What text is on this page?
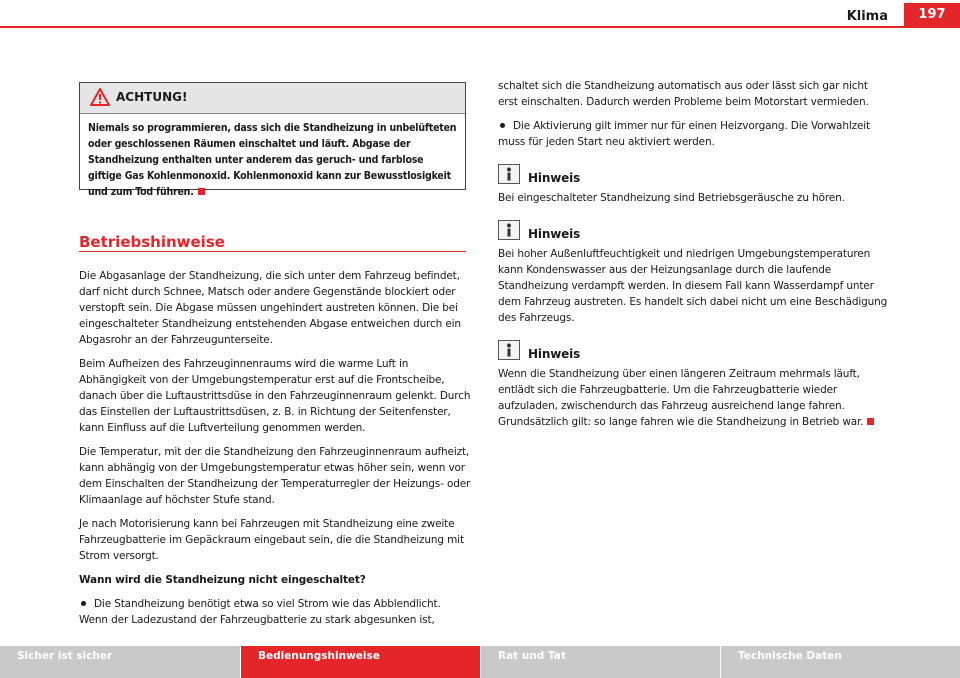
Klima	197
ACHTUNG!
Niemals so programmieren, dass sich die Standheizung in unbelüfteten oder geschlossenen Räumen einschaltet und läuft. Abgase der Standheizung enthalten unter anderem das geruch- und farblose giftige Gas Kohlenmonoxid. Kohlenmonoxid kann zur Bewusstlosigkeit und zum Tod führen.
Betriebshinweise

Die Abgasanlage der Standheizung, die sich unter dem Fahrzeug befindet, darf nicht durch Schnee, Matsch oder andere Gegenstände blockiert oder verstopft sein. Die Abgase müssen ungehindert austreten können. Die bei eingeschalteter Standheizung entstehenden Abgase entweichen durch ein Abgasrohr an der Fahrzeugunterseite.

Beim Aufheizen des Fahrzeuginnenraums wird die warme Luft in Abhängigkeit von der Umgebungstemperatur erst auf die Frontscheibe, danach über die Luftaustrittsdüse in den Fahrzeuginnenraum gelenkt. Durch das Einstellen der Luftaustrittsdüsen, z. B. in Richtung der Seitenfenster, kann Einfluss auf die Luftverteilung genommen werden.

Die Temperatur, mit der die Standheizung den Fahrzeuginnenraum aufheizt, kann abhängig von der Umgebungstemperatur etwas höher sein, wenn vor dem Einschalten der Standheizung der Temperaturregler der Heizungs- oder Klimaanlage auf höchster Stufe stand.

Je nach Motorisierung kann bei Fahrzeugen mit Standheizung eine zweite Fahrzeugbatterie im Gepäckraum eingebaut sein, die die Standheizung mit Strom versorgt.

Wann wird die Standheizung nicht eingeschaltet?

Die Standheizung benötigt etwa so viel Strom wie das Abblendlicht. Wenn der Ladezustand der Fahrzeugbatterie zu stark abgesunken ist,

schaltet sich die Standheizung automatisch aus oder lässt sich gar nicht erst einschalten. Dadurch werden Probleme beim Motorstart vermieden.

Die Aktivierung gilt immer nur für einen Heizvorgang. Die Vorwahlzeit muss für jeden Start neu aktiviert werden.

Hinweis

Bei eingeschalteter Standheizung sind Betriebsgeräusche zu hören.

Hinweis

Bei hoher Außenluftfeuchtigkeit und niedrigen Umgebungstemperaturen kann Kondenswasser aus der Heizungsanlage durch die laufende Standheizung verdampft werden. In diesem Fall kann Wasserdampf unter dem Fahrzeug austreten. Es handelt sich dabei nicht um eine Beschädigung des Fahrzeugs.

Hinweis

Wenn die Standheizung über einen längeren Zeitraum mehrmals läuft, entlädt sich die Fahrzeugbatterie. Um die Fahrzeugbatterie wieder aufzuladen, zwischendurch das Fahrzeug ausreichend lange fahren. Grundsätzlich gilt: so lange fahren wie die Standheizung in Betrieb war.

Sicher ist sicher	Bedienungshinweise	Rat und Tat	Technische Daten
